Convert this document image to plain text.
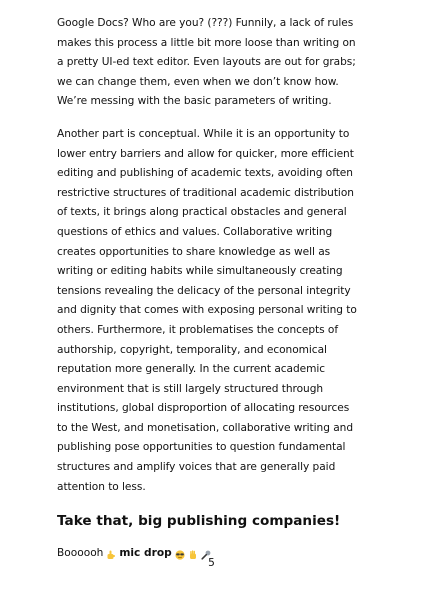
Google Docs? Who are you? (???) Funnily, a lack of rules
makes this process a little bit more loose than writing on
a pretty UI-ed text editor. Even layouts are out for grabs;
we can change them, even when we don’t know how.
We’re messing with the basic parameters of writing.

Another part is conceptual. While it is an opportunity to
lower entry barriers and allow for quicker, more efficient
editing and publishing of academic texts, avoiding often
restrictive structures of traditional academic distribution
of texts, it brings along practical obstacles and general
questions of ethics and values. Collaborative writing
creates opportunities to share knowledge as well as
writing or editing habits while simultaneously creating
tensions revealing the delicacy of the personal integrity
and dignity that comes with exposing personal writing to
others. Furthermore, it problematises the concepts of
authorship, copyright, temporality, and economical
reputation more generally. In the current academic
environment that is still largely structured through
institutions, global disproportion of allocating resources
to the West, and monetisation, collaborative writing and
publishing pose opportunities to question fundamental
structures and amplify voices that are generally paid
attention to less.

Take that, big publishing companies!

Boooooh mic drop

5
